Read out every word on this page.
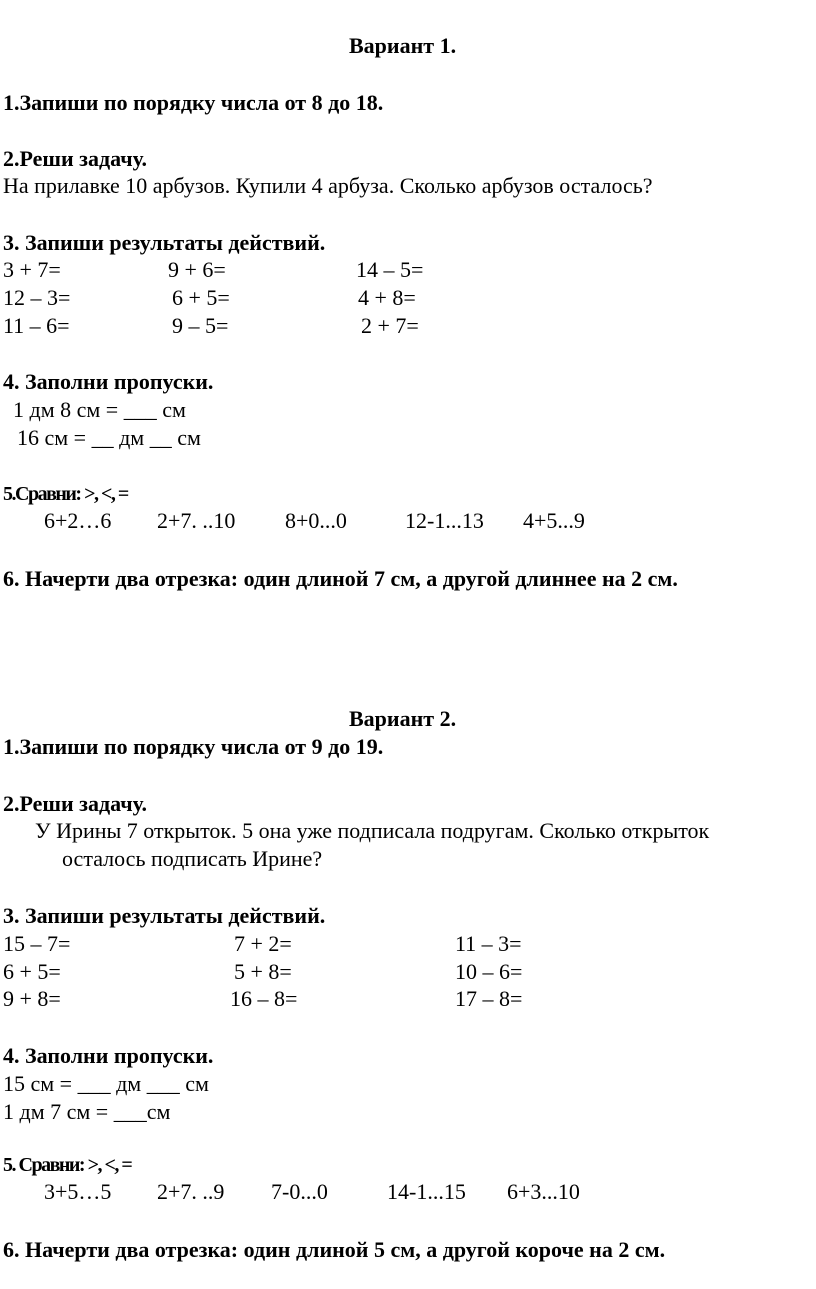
Вариант 1.
1.Запиши по порядку числа от 8 до 18.
2.Реши задачу.
На прилавке 10 арбузов. Купили 4 арбуза. Сколько арбузов осталось?
3. Запиши результаты действий.
3 + 7=	9 + 6=	14 – 5=
12 – 3=	6 + 5=	4 + 8=
11 – 6=	9 – 5=	2 + 7=
4. Заполни пропуски.
1 дм 8 см = ___ см
16 см = __ дм __ см
5.Сравни: >, <, =
6+2…6 2+7. ..10 8+0...0	12-1...13 4+5...9
6. Начерти два отрезка: один длиной 7 см, а другой длиннее на 2 см.
Вариант 2.
1.Запиши по порядку числа от 9 до 19.
2.Реши задачу.
У Ирины 7 открыток. 5 она уже подписала подругам. Сколько открыток
осталось подписать Ирине?
3. Запиши результаты действий.
15 – 7=	7 + 2=	11 – 3=
6 + 5=	5 + 8=	10 – 6=
9 + 8=	16 – 8=	17 – 8=
4. Заполни пропуски.
15 см = ___ дм ___ см
1 дм 7 см = ___см
5. Сравни: >, <, =
3+5…5 2+7. ..9 7-0...0	14-1...15 6+3...10
6. Начерти два отрезка: один длиной 5 см, а другой короче на 2 см.
